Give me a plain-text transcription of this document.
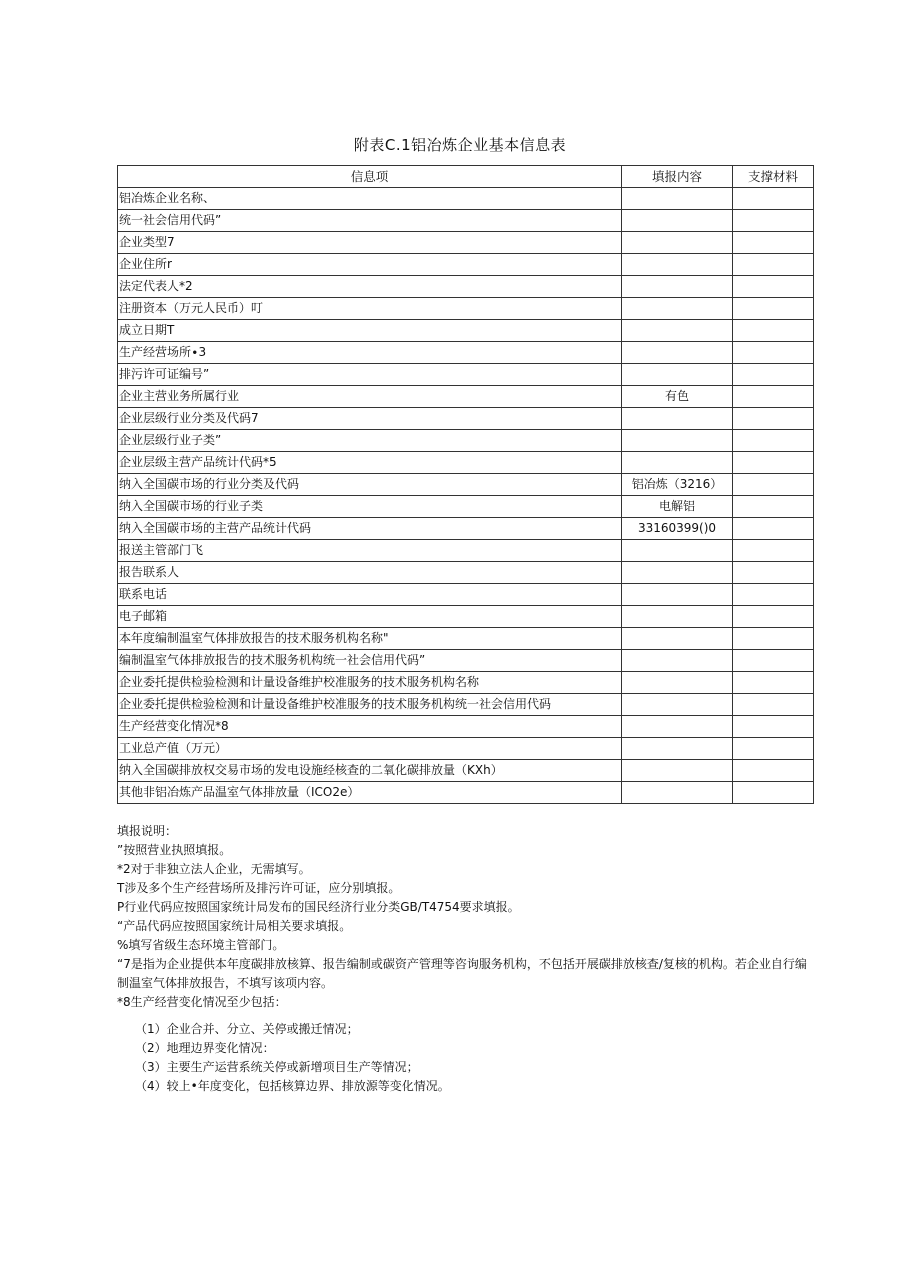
附表C.1铝冶炼企业基本信息表
信息项	填报内容	支撑材料
铝冶炼企业名称、		
统一社会信用代码”		
企业类型7		
企业住所r		
法定代表人*2		
注册资本（万元人民币）叮		
成立日期T		
生产经营场所∙3		
排污许可证编号”		
企业主营业务所属行业	有色	
企业层级行业分类及代码7		
企业层级行业子类”		
企业层级主营产品统计代码*5		
纳入全国碳市场的行业分类及代码	铝冶炼（3216）	
纳入全国碳市场的行业子类	电解铝	
纳入全国碳市场的主营产品统计代码	33160399()0	
报送主管部门飞		
报告联系人		
联系电话		
电子邮箱		
本年度编制温室气体排放报告的技术服务机构名称"		
编制温室气体排放报告的技术服务机构统一社会信用代码”		
企业委托提供检验检测和计量设备维护校准服务的技术服务机构名称		
企业委托提供检验检测和计量设备维护校准服务的技术服务机构统一社会信用代码		
生产经营变化情况*8		
工业总产值（万元）		
纳入全国碳排放权交易市场的发电设施经核查的二氧化碳排放量（KXh）		
其他非铝冶炼产品温室气体排放量（ICO2e）		

填报说明：

”按照营业执照填报。

*2对于非独立法人企业，无需填写。

T涉及多个生产经营场所及排污许可证，应分别填报。

P行业代码应按照国家统计局发布的国民经济行业分类GB/T4754要求填报。

“产品代码应按照国家统计局相关要求填报。

%填写省级生态环境主管部门。

“7是指为企业提供本年度碳排放核算、报告编制或碳资产管理等咨询服务机构，不包括开展碳排放核查/复核的机构。若企业自行编制温室气体排放报告，不填写该项内容。

*8生产经营变化情况至少包括：

（1）企业合并、分立、关停或搬迁情况；

（2）地理边界变化情况：

（3）主要生产运营系统关停或新增项目生产等情况；

（4）较上•年度变化，包括核算边界、排放源等变化情况。
